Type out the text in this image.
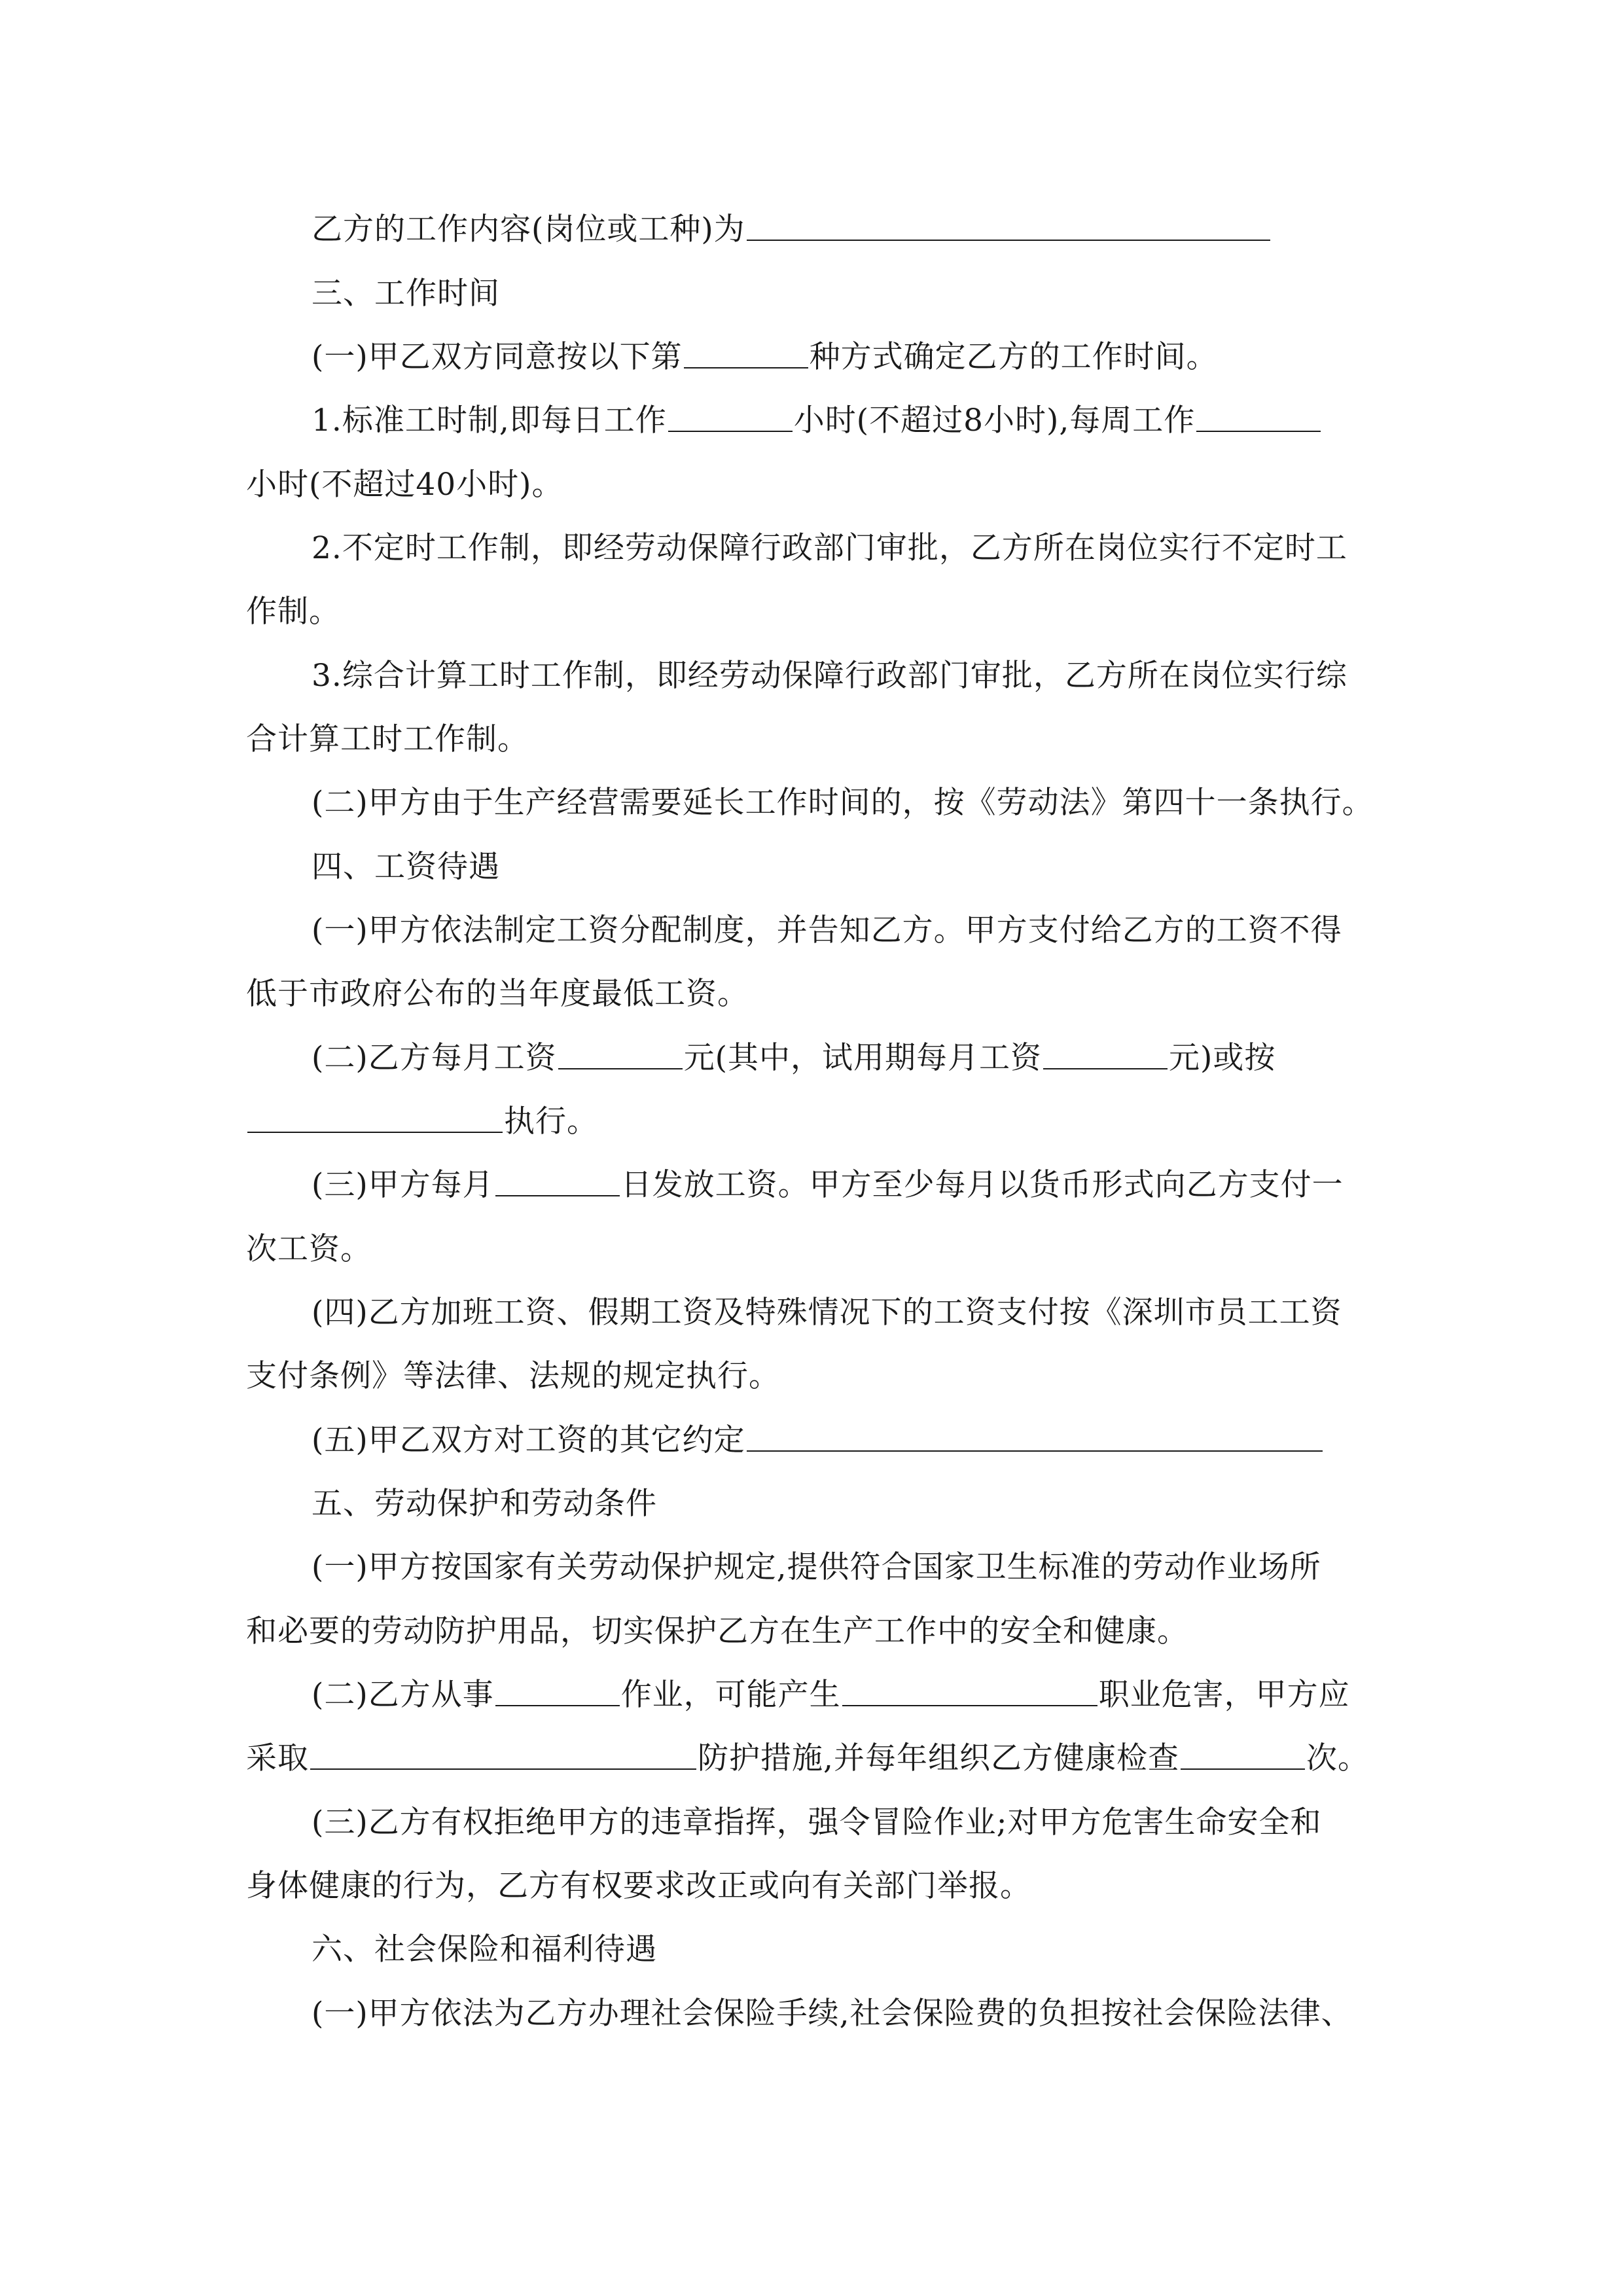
乙方的工作内容(岗位或工种)为
三、工作时间
(一)甲乙双方同意按以下第	种方式确定乙方的工作时间。
1.标准工时制,即每日工作	小时(不超过8小时),每周工作
小时(不超过40小时)。
2.不定时工作制，即经劳动保障行政部门审批，乙方所在岗位实行不定时工
作制。
3.综合计算工时工作制，即经劳动保障行政部门审批，乙方所在岗位实行综
合计算工时工作制。
(二)甲方由于生产经营需要延长工作时间的，按《劳动法》第四十一条执行。
四、工资待遇
(一)甲方依法制定工资分配制度，并告知乙方。甲方支付给乙方的工资不得
低于市政府公布的当年度最低工资。
(二)乙方每月工资	元(其中，试用期每月工资	元)或按
执行。
(三)甲方每月	日发放工资。甲方至少每月以货币形式向乙方支付一
次工资。
(四)乙方加班工资、假期工资及特殊情况下的工资支付按《深圳市员工工资
支付条例》等法律、法规的规定执行。
(五)甲乙双方对工资的其它约定
五、劳动保护和劳动条件
(一)甲方按国家有关劳动保护规定,提供符合国家卫生标准的劳动作业场所
和必要的劳动防护用品，切实保护乙方在生产工作中的安全和健康。
(二)乙方从事	作业，可能产生	职业危害，甲方应
采取	防护措施,并每年组织乙方健康检查	次。
(三)乙方有权拒绝甲方的违章指挥，强令冒险作业;对甲方危害生命安全和
身体健康的行为，乙方有权要求改正或向有关部门举报。
六、社会保险和福利待遇
(一)甲方依法为乙方办理社会保险手续,社会保险费的负担按社会保险法律、
